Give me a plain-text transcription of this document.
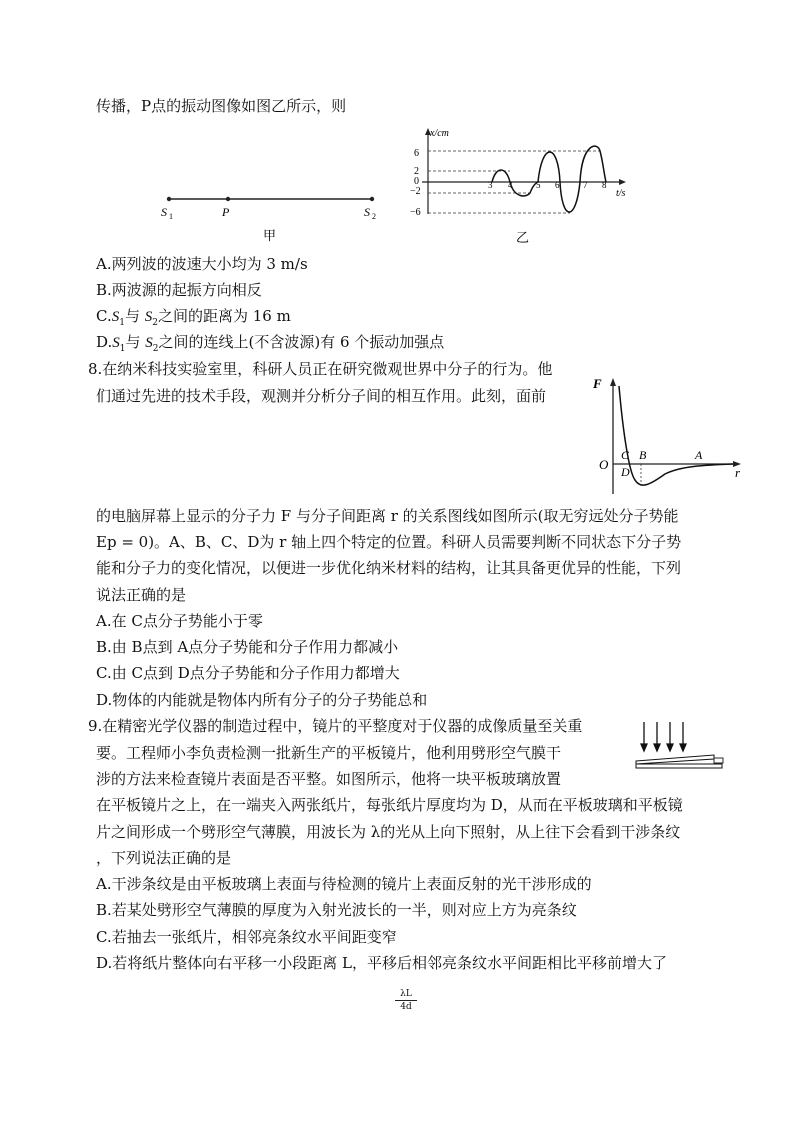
传播，P点的振动图像如图乙所示，则
S 1	P	S 2
甲
x/cm
t/s
6
2
0
−2
−6
3 4	5 6	7 8
乙
A.两列波的波速大小均为 3 m/s
B.两波源的起振方向相反
$C.S_1$与 $S_2$之间的距离为 16 m
$D.S_1$与 $S_2$之间的连线上(不含波源)有 6 个振动加强点
8.在纳米科技实验室里，科研人员正在研究微观世界中分子的行为。他
们通过先进的技术手段，观测并分析分子间的相互作用。此刻，面前
F
O
r
C B	A
D
的电脑屏幕上显示的分子力 F 与分子间距离 r 的关系图线如图所示(取无穷远处分子势能
Ep = 0)。A、B、C、D为 r 轴上四个特定的位置。科研人员需要判断不同状态下分子势
能和分子力的变化情况，以便进一步优化纳米材料的结构，让其具备更优异的性能，下列
说法正确的是
A.在 C点分子势能小于零
B.由 B点到 A点分子势能和分子作用力都减小
C.由 C点到 D点分子势能和分子作用力都增大
D.物体的内能就是物体内所有分子的分子势能总和
9.在精密光学仪器的制造过程中，镜片的平整度对于仪器的成像质量至关重
要。工程师小李负责检测一批新生产的平板镜片，他利用劈形空气膜干
涉的方法来检查镜片表面是否平整。如图所示，他将一块平板玻璃放置
在平板镜片之上，在一端夹入两张纸片，每张纸片厚度均为 D，从而在平板玻璃和平板镜
片之间形成一个劈形空气薄膜，用波长为 λ的光从上向下照射，从上往下会看到干涉条纹
，下列说法正确的是
A.干涉条纹是由平板玻璃上表面与待检测的镜片上表面反射的光干涉形成的
B.若某处劈形空气薄膜的厚度为入射光波长的一半，则对应上方为亮条纹
C.若抽去一张纸片，相邻亮条纹水平间距变窄
D.若将纸片整体向右平移一小段距离 L，平移后相邻亮条纹水平间距相比平移前增大了
λL
4d
